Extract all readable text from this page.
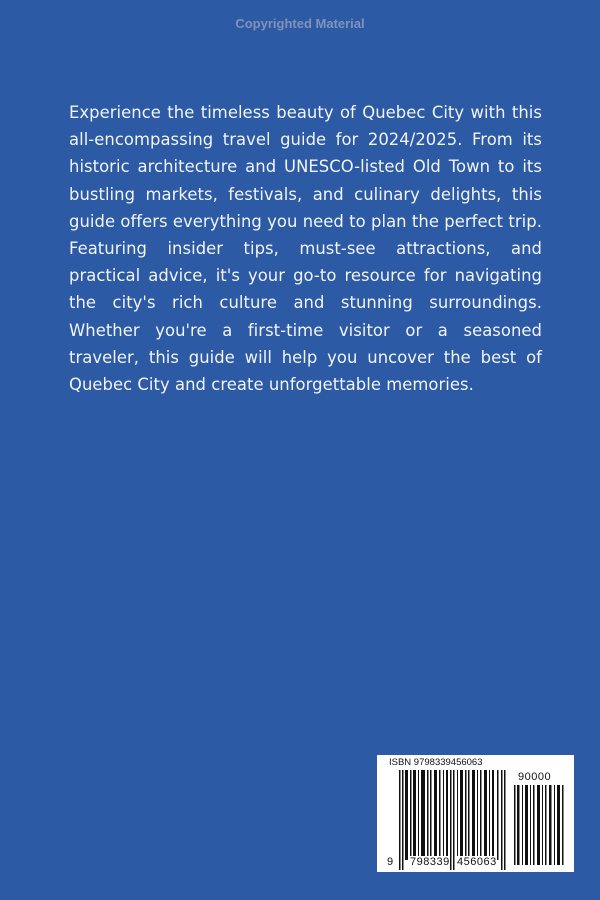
Copyrighted Material
Experience the timeless beauty of Quebec City with this all-encompassing travel guide for 2024/2025. From its historic architecture and UNESCO-listed Old Town to its bustling markets, festivals, and culinary delights, this guide offers everything you need to plan the perfect trip. Featuring insider tips, must-see attractions, and practical advice, it's your go-to resource for navigating the city's rich culture and stunning surroundings. Whether you're a first-time visitor or a seasoned traveler, this guide will help you uncover the best of Quebec City and create unforgettable memories.
ISBN 9798339456063
90000
9 798339 456063
